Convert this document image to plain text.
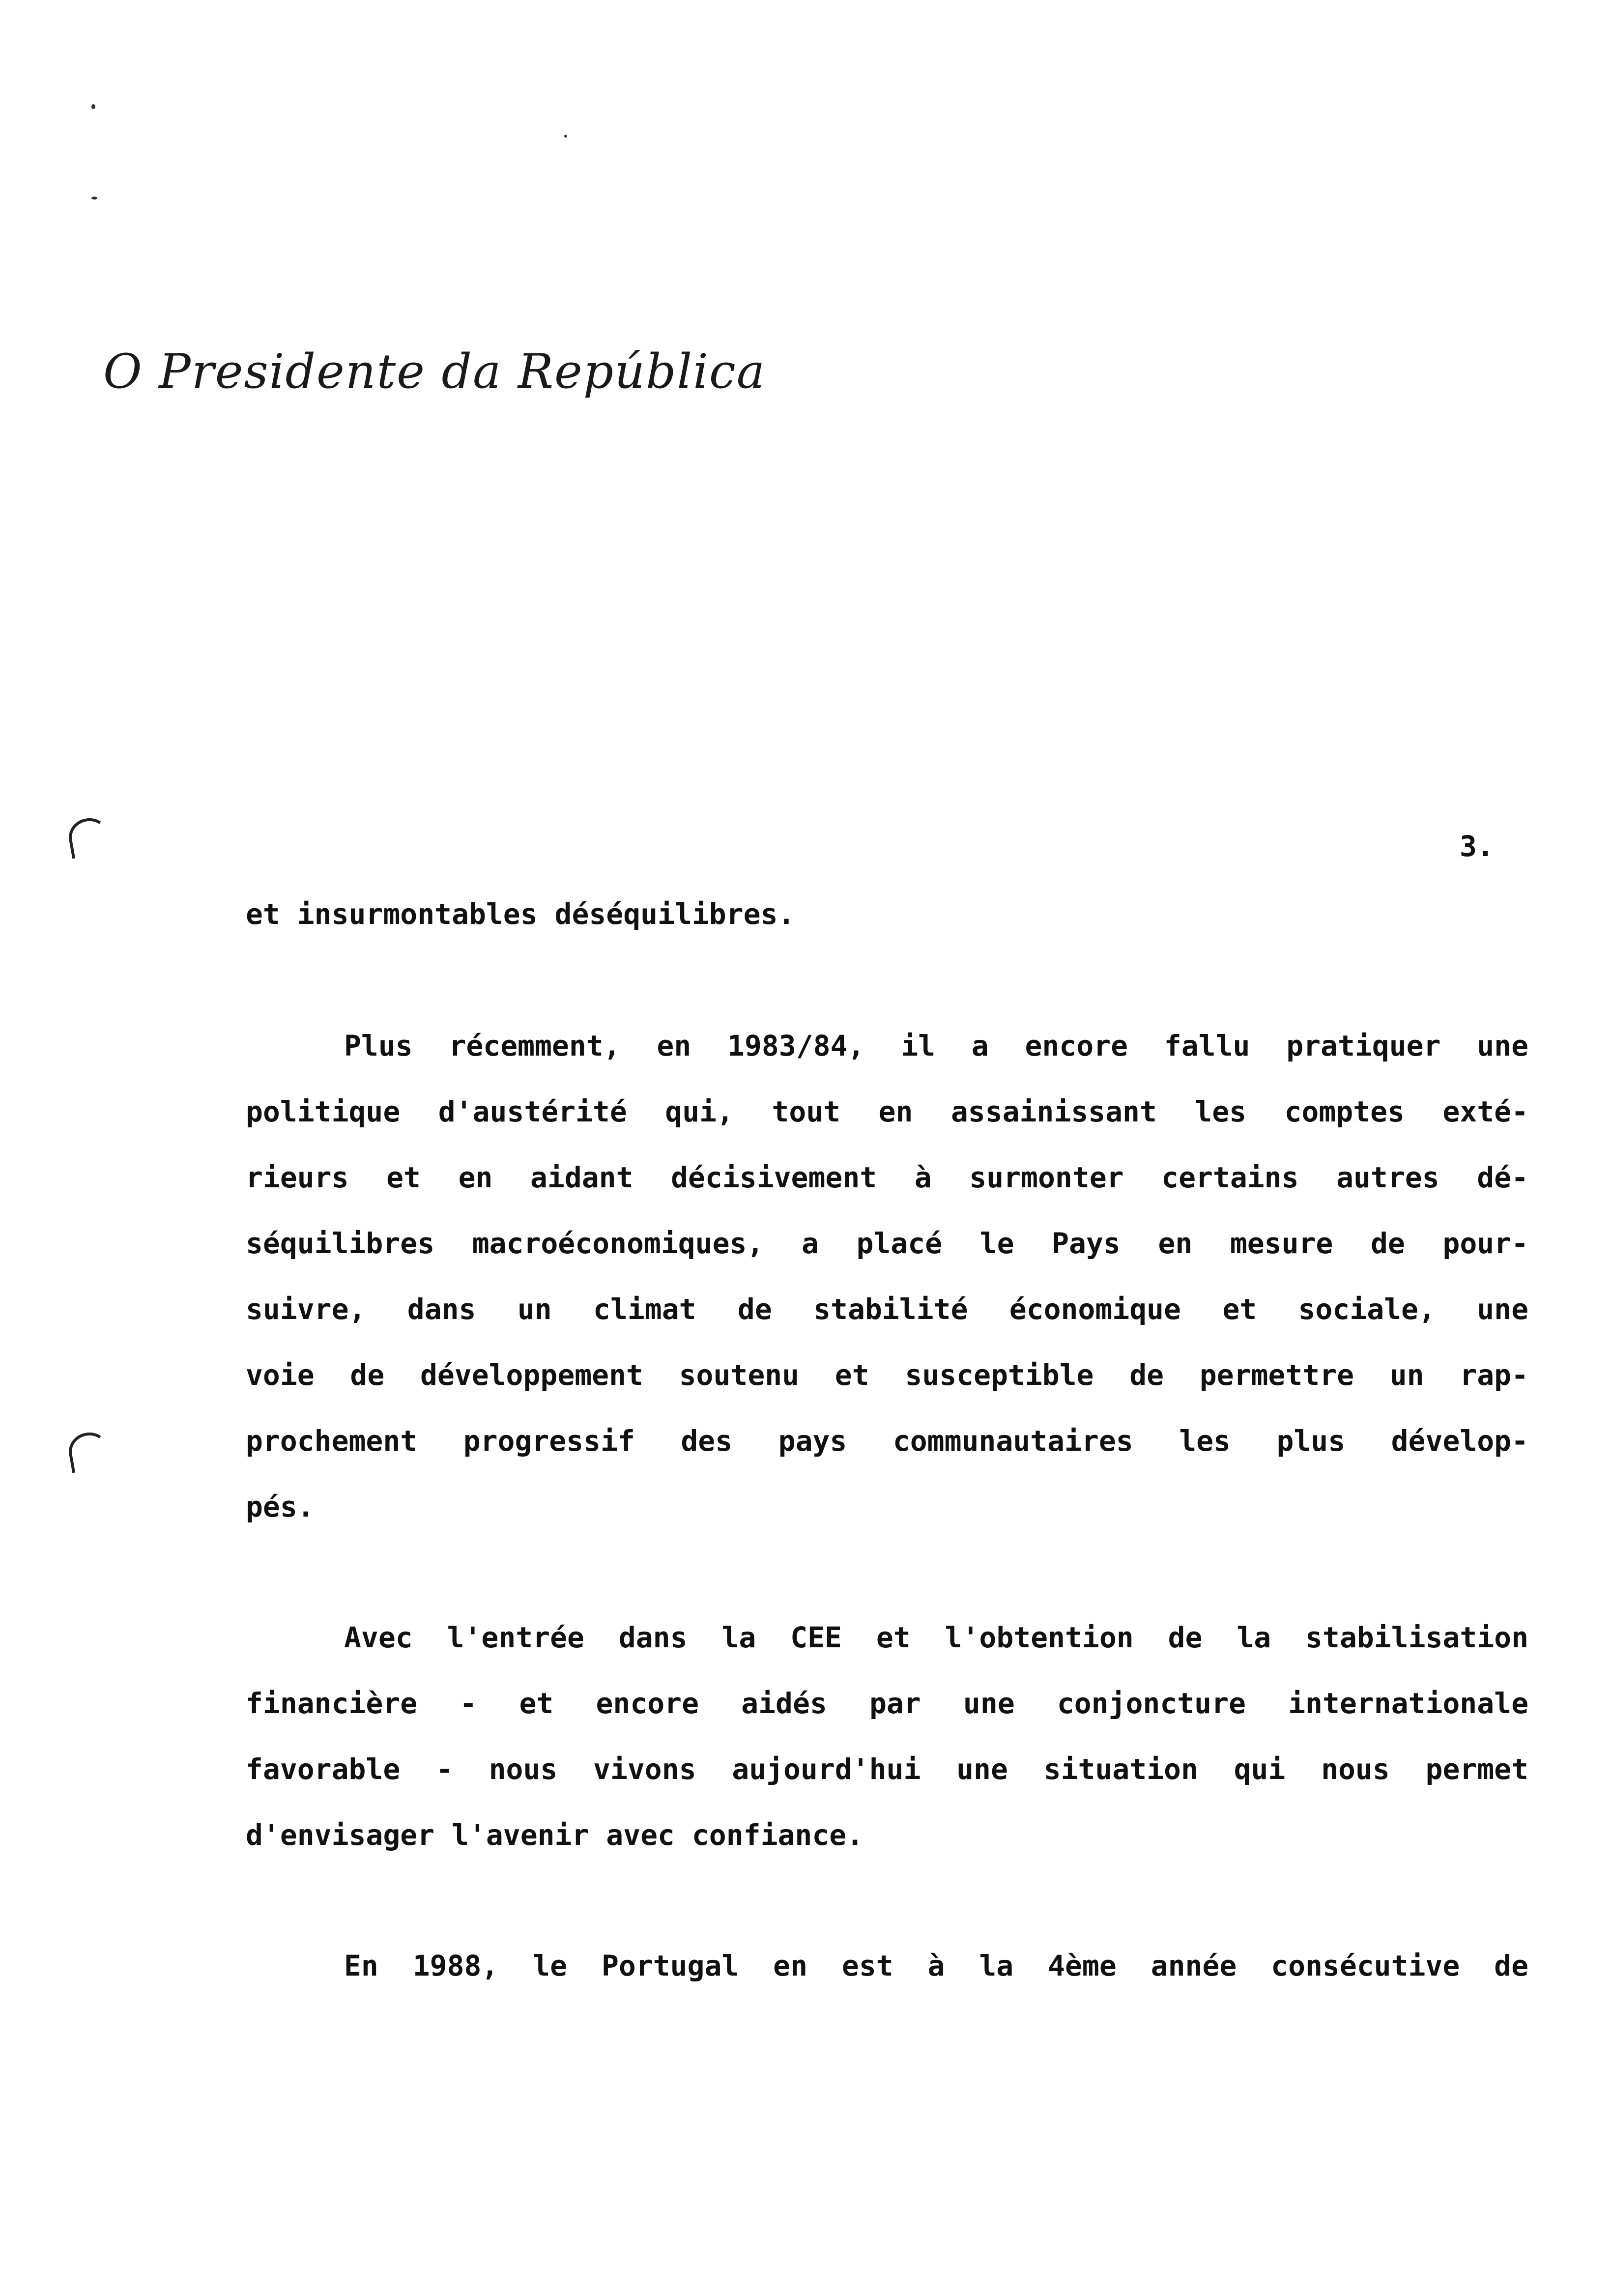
O Presidente da República
3.
et insurmontables déséquilibres.
Plus récemment, en 1983/84, il a encore fallu pratiquer une
politique d'austérité qui, tout en assainissant les comptes exté-
rieurs et en aidant décisivement à surmonter certains autres dé-
séquilibres macroéconomiques, a placé le Pays en mesure de pour-
suivre, dans un climat de stabilité économique et sociale, une
voie de développement soutenu et susceptible de permettre un rap-
prochement progressif des pays communautaires les plus dévelop-
pés.
Avec l'entrée dans la CEE et l'obtention de la stabilisation
financière - et encore aidés par une conjoncture internationale
favorable - nous vivons aujourd'hui une situation qui nous permet
d'envisager l'avenir avec confiance.
En 1988, le Portugal en est à la 4ème année consécutive de
